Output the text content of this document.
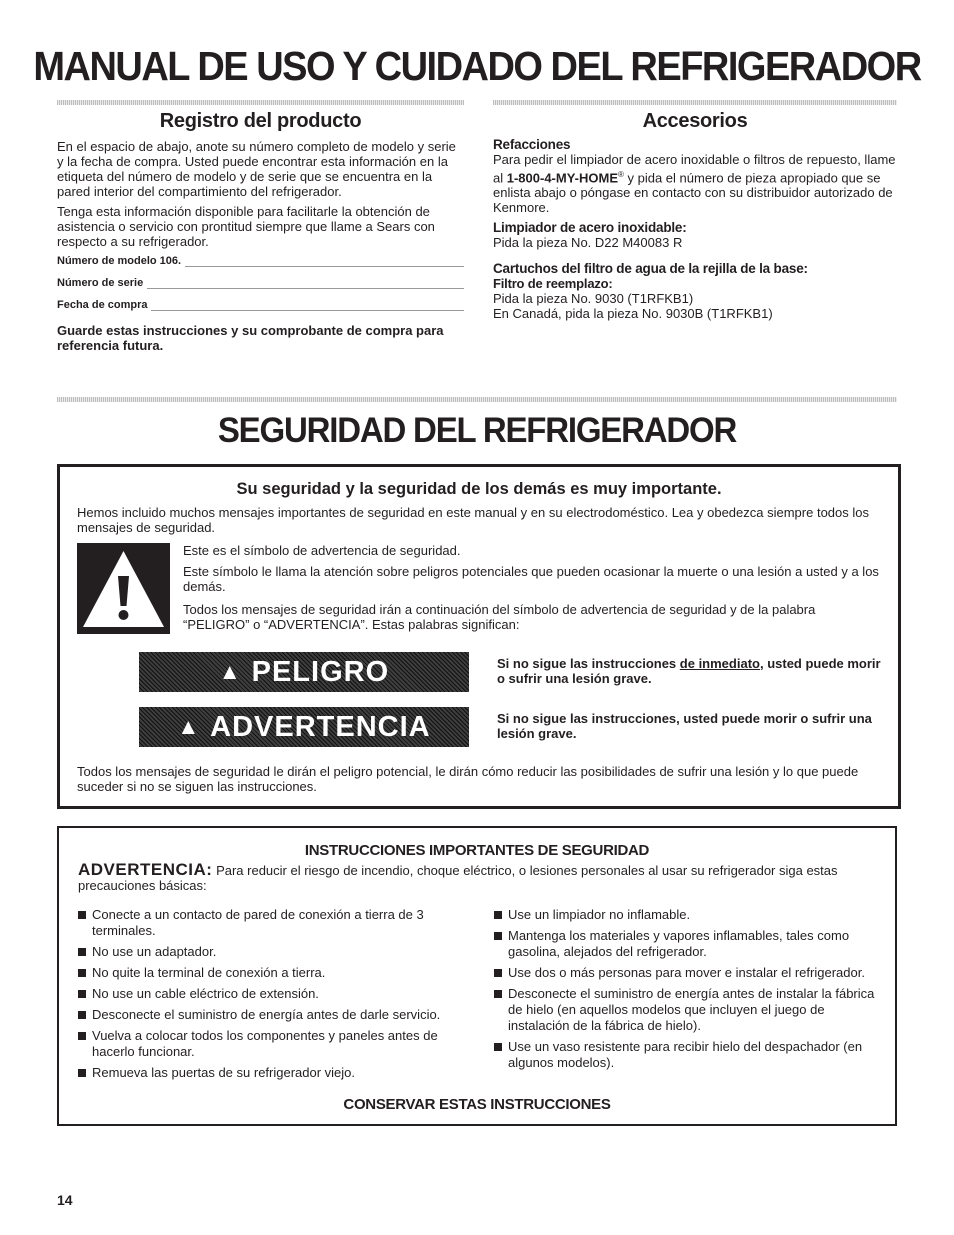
MANUAL DE USO Y CUIDADO DEL REFRIGERADOR
Registro del producto

En el espacio de abajo, anote su número completo de modelo y serie y la fecha de compra. Usted puede encontrar esta información en la etiqueta del número de modelo y de serie que se encuentra en la pared interior del compartimiento del refrigerador.

Tenga esta información disponible para facilitarle la obtención de asistencia o servicio con prontitud siempre que llame a Sears con respecto a su refrigerador.

Número de modelo 106.
Número de serie
Fecha de compra

Guarde estas instrucciones y su comprobante de compra para referencia futura.

Accesorios

Refacciones

Para pedir el limpiador de acero inoxidable o filtros de repuesto, llame al 1-800-4-MY-HOME® y pida el número de pieza apropiado que se enlista abajo o póngase en contacto con su distribuidor autorizado de Kenmore.

Limpiador de acero inoxidable:

Pida la pieza No. D22 M40083 R

Cartuchos del filtro de agua de la rejilla de la base:

Filtro de reemplazo:

Pida la pieza No. 9030 (T1RFKB1)

En Canadá, pida la pieza No. 9030B (T1RFKB1)

SEGURIDAD DEL REFRIGERADOR

Su seguridad y la seguridad de los demás es muy importante.

Hemos incluido muchos mensajes importantes de seguridad en este manual y en su electrodoméstico. Lea y obedezca siempre todos los mensajes de seguridad.

Este es el símbolo de advertencia de seguridad.

Este símbolo le llama la atención sobre peligros potenciales que pueden ocasionar la muerte o una lesión a usted y a los demás.

Todos los mensajes de seguridad irán a continuación del símbolo de advertencia de seguridad y de la palabra “PELIGRO” o “ADVERTENCIA”. Estas palabras significan:

▲ PELIGRO	Si no sigue las instrucciones de inmediato, usted puede morir o sufrir una lesión grave.

▲ ADVERTENCIA	Si no sigue las instrucciones, usted puede morir o sufrir una lesión grave.

Todos los mensajes de seguridad le dirán el peligro potencial, le dirán cómo reducir las posibilidades de sufrir una lesión y lo que puede suceder si no se siguen las instrucciones.

INSTRUCCIONES IMPORTANTES DE SEGURIDAD

ADVERTENCIA: Para reducir el riesgo de incendio, choque eléctrico, o lesiones personales al usar su refrigerador siga estas precauciones básicas:

Conecte a un contacto de pared de conexión a tierra de 3 terminales.
No use un adaptador.
No quite la terminal de conexión a tierra.
No use un cable eléctrico de extensión.
Desconecte el suministro de energía antes de darle servicio.
Vuelva a colocar todos los componentes y paneles antes de hacerlo funcionar.
Remueva las puertas de su refrigerador viejo.
Use un limpiador no inflamable.
Mantenga los materiales y vapores inflamables, tales como gasolina, alejados del refrigerador.
Use dos o más personas para mover e instalar el refrigerador.
Desconecte el suministro de energía antes de instalar la fábrica de hielo (en aquellos modelos que incluyen el juego de instalación de la fábrica de hielo).
Use un vaso resistente para recibir hielo del despachador (en algunos modelos).

CONSERVAR ESTAS INSTRUCCIONES

14
